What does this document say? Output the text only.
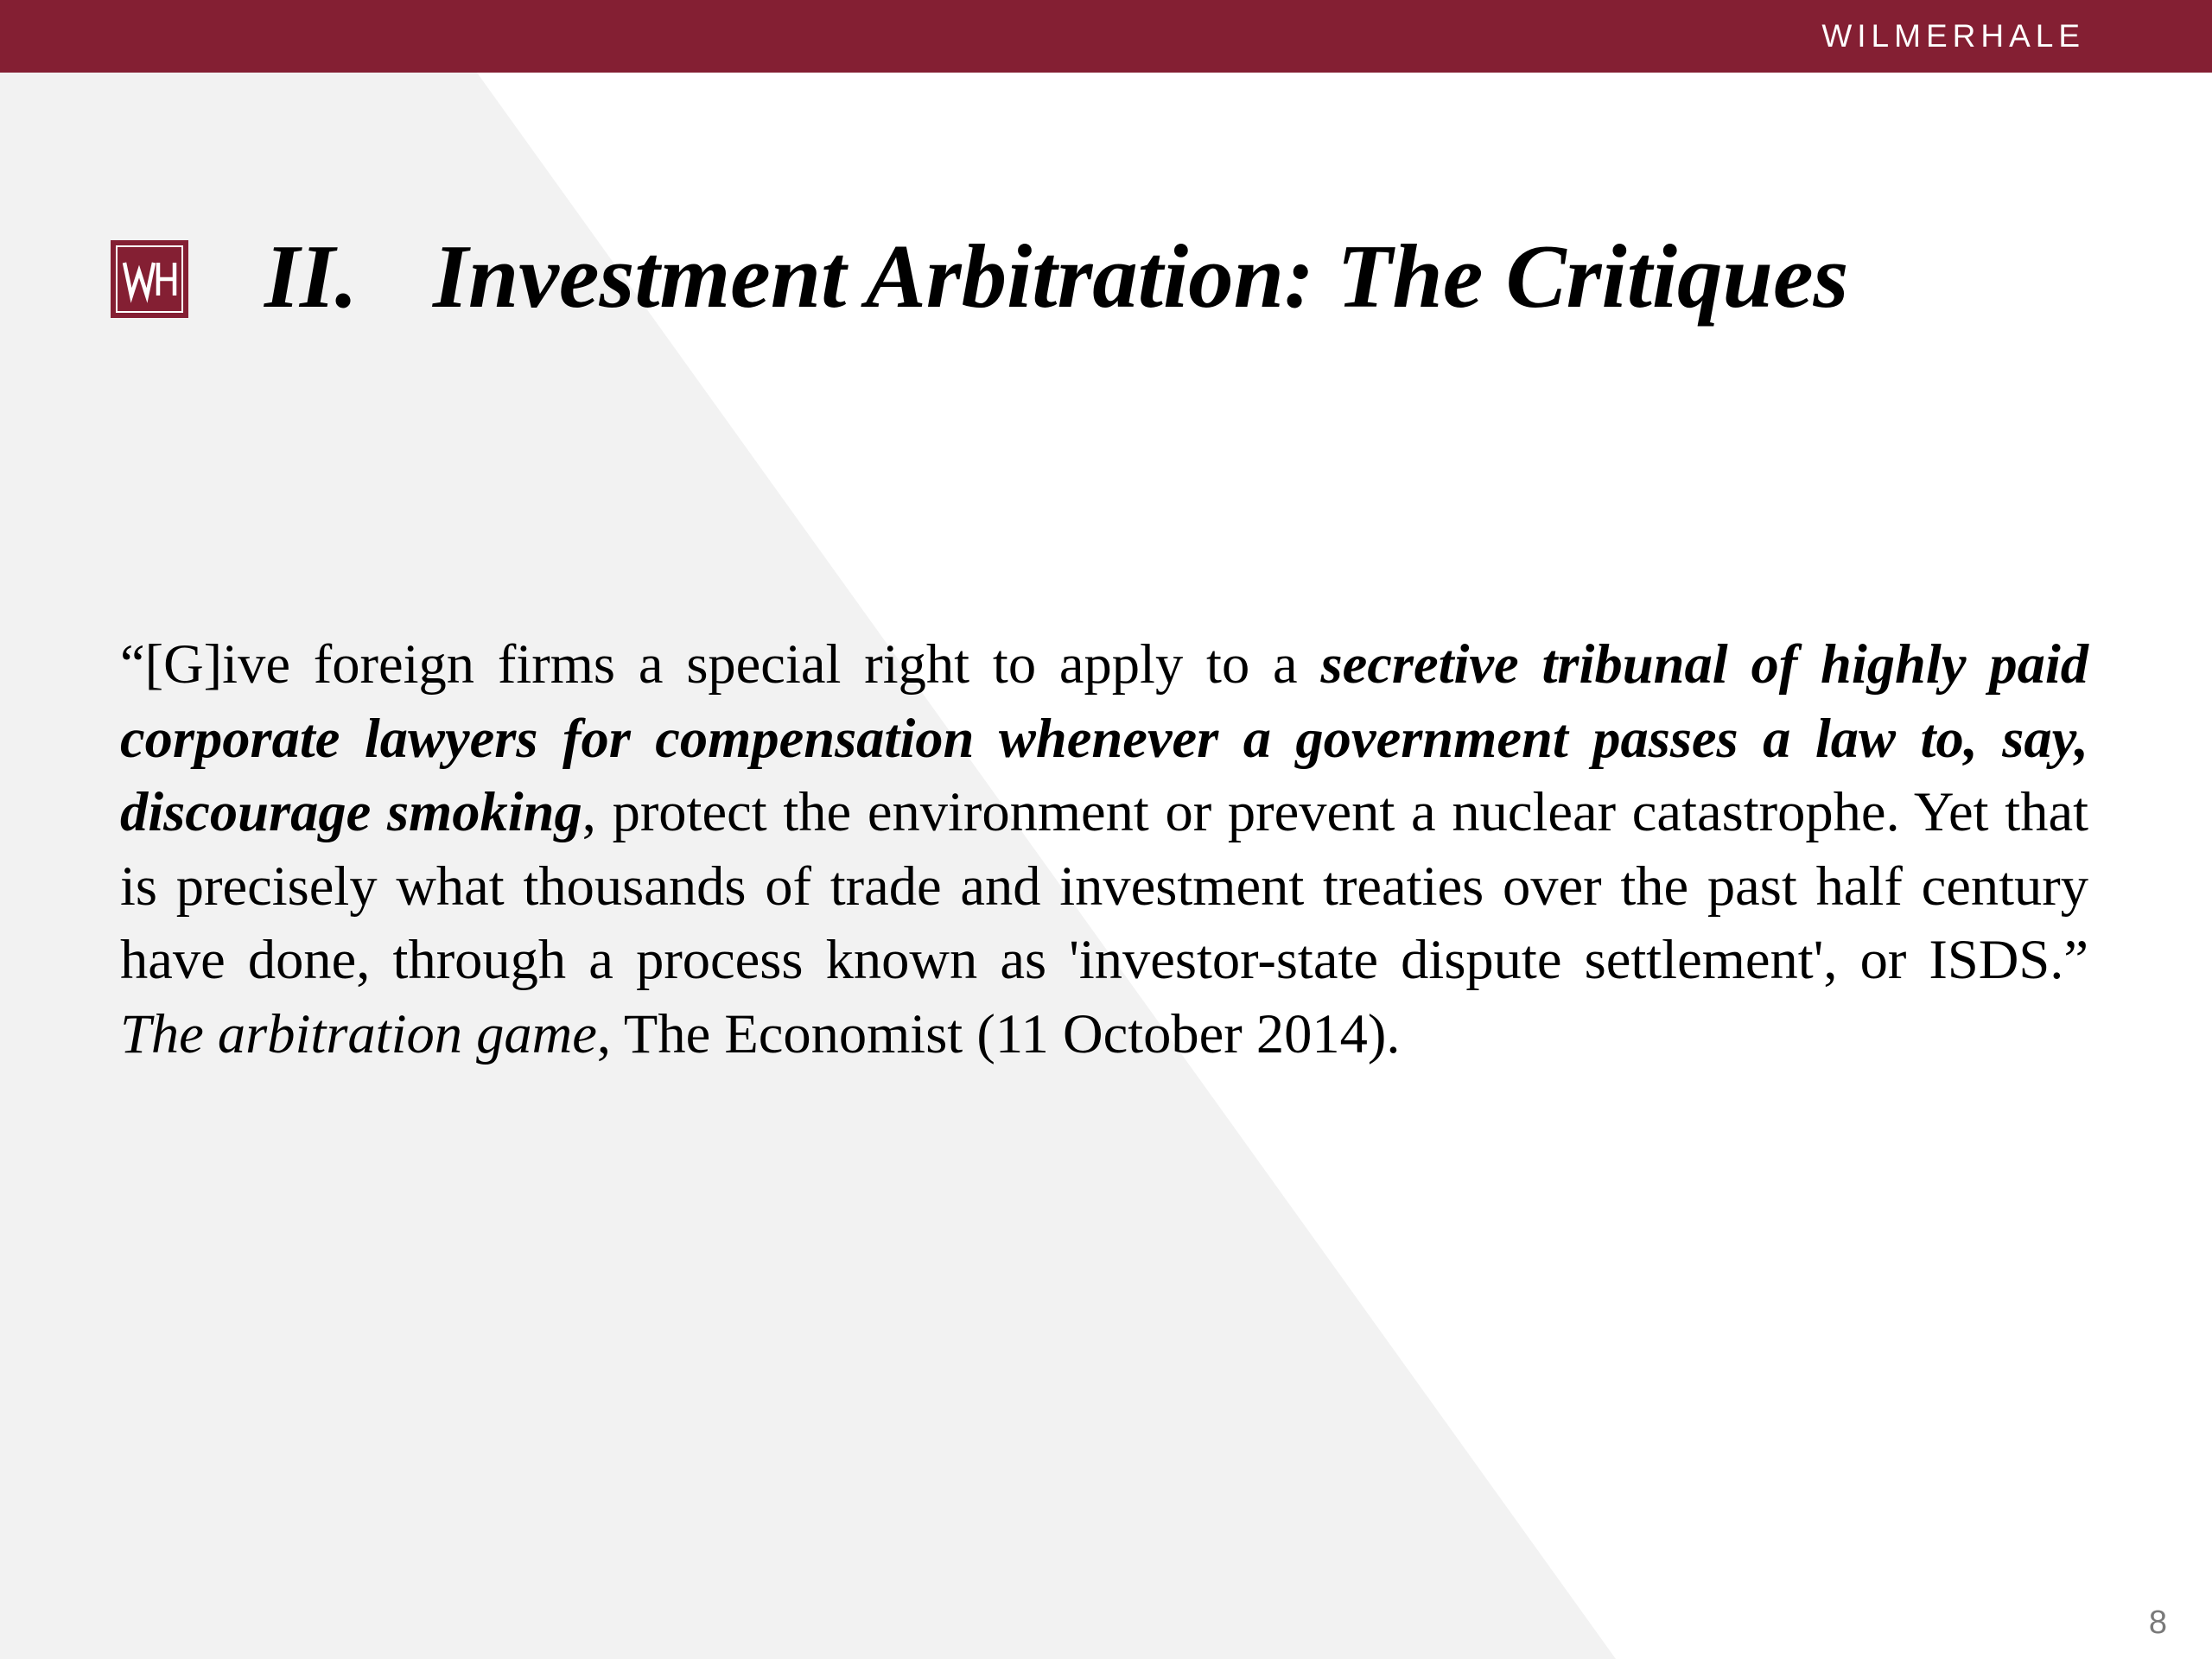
WILMERHALE
II. Investment Arbitration: The Critiques

“[G]ive foreign firms a special right to apply to a secretive tribunal of highly paid corporate lawyers for compensation whenever a government passes a law to, say, discourage smoking, protect the environment or prevent a nuclear catastrophe. Yet that is precisely what thousands of trade and investment treaties over the past half century have done, through a process known as 'investor-state dispute settlement', or ISDS.” The arbitration game, The Economist (11 October 2014).

8
